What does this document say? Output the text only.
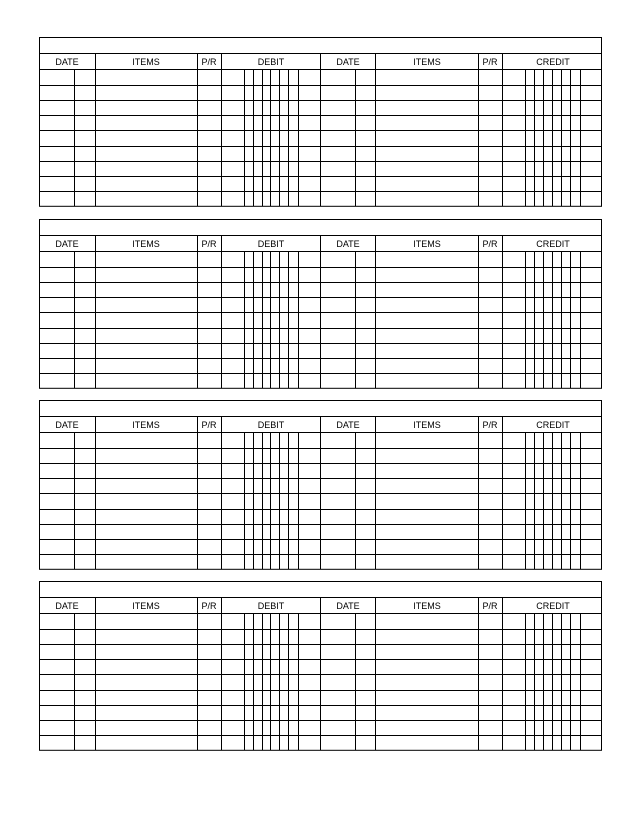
DATE	ITEMS	P/R	DEBIT	DATE	ITEMS	P/R	CREDIT
DATE	ITEMS	P/R	DEBIT	DATE	ITEMS	P/R	CREDIT
DATE	ITEMS	P/R	DEBIT	DATE	ITEMS	P/R	CREDIT
DATE	ITEMS	P/R	DEBIT	DATE	ITEMS	P/R	CREDIT
